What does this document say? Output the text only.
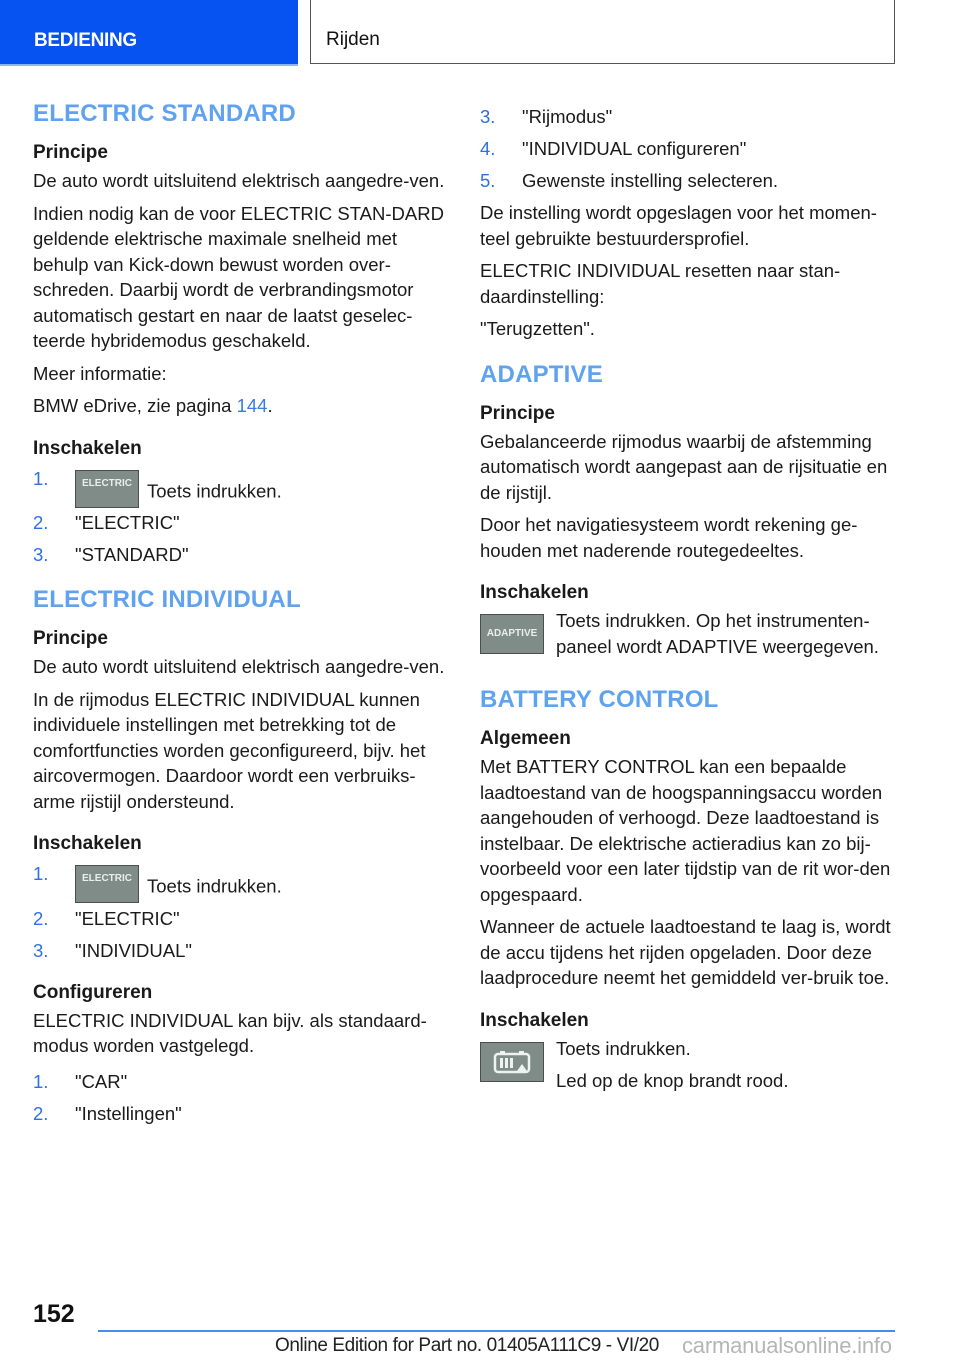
BEDIENING	Rijden
ELECTRIC STANDARD
Principe

De auto wordt uitsluitend elektrisch aangedre-ven.

Indien nodig kan de voor ELECTRIC STAN-DARD geldende elektrische maximale snelheid met behulp van Kick-down bewust worden over-schreden. Daarbij wordt de verbrandingsmotor automatisch gestart en naar de laatst geselec-teerde hybridemodus geschakeld.

Meer informatie:

BMW eDrive, zie pagina 144.

Inschakelen
1.	ELECTRIC Toets indrukken.
2. "ELECTRIC"
3. "STANDARD"
ELECTRIC INDIVIDUAL
Principe

De auto wordt uitsluitend elektrisch aangedre-ven.

In de rijmodus ELECTRIC INDIVIDUAL kunnen individuele instellingen met betrekking tot de comfortfuncties worden geconfigureerd, bijv. het aircovermogen. Daardoor wordt een verbruiks-arme rijstijl ondersteund.

Inschakelen
1.	ELECTRIC Toets indrukken.
2. "ELECTRIC"
3. "INDIVIDUAL"
Configureren

ELECTRIC INDIVIDUAL kan bijv. als standaard-modus worden vastgelegd.

1. "CAR"
2. "Instellingen"
3. "Rijmodus"
4. "INDIVIDUAL configureren"
5. Gewenste instelling selecteren.

De instelling wordt opgeslagen voor het momen-teel gebruikte bestuurdersprofiel.

ELECTRIC INDIVIDUAL resetten naar stan-daardinstelling:

"Terugzetten".

ADAPTIVE
Principe

Gebalanceerde rijmodus waarbij de afstemming automatisch wordt aangepast aan de rijsituatie en de rijstijl.

Door het navigatiesysteem wordt rekening ge-houden met naderende routegedeeltes.

Inschakelen
ADAPTIVE

Toets indrukken. Op het instrumenten-paneel wordt ADAPTIVE weergegeven.

BATTERY CONTROL
Algemeen

Met BATTERY CONTROL kan een bepaalde laadtoestand van de hoogspanningsaccu worden aangehouden of verhoogd. Deze laadtoestand is instelbaar. De elektrische actieradius kan zo bij-voorbeeld voor een later tijdstip van de rit wor-den opgespaard.

Wanneer de actuele laadtoestand te laag is, wordt de accu tijdens het rijden opgeladen. Door deze laadprocedure neemt het gemiddeld ver-bruik toe.

Inschakelen

Toets indrukken.

Led op de knop brandt rood.

152
Online Edition for Part no. 01405A111C9 - VI/20 carmanualsonline.info
